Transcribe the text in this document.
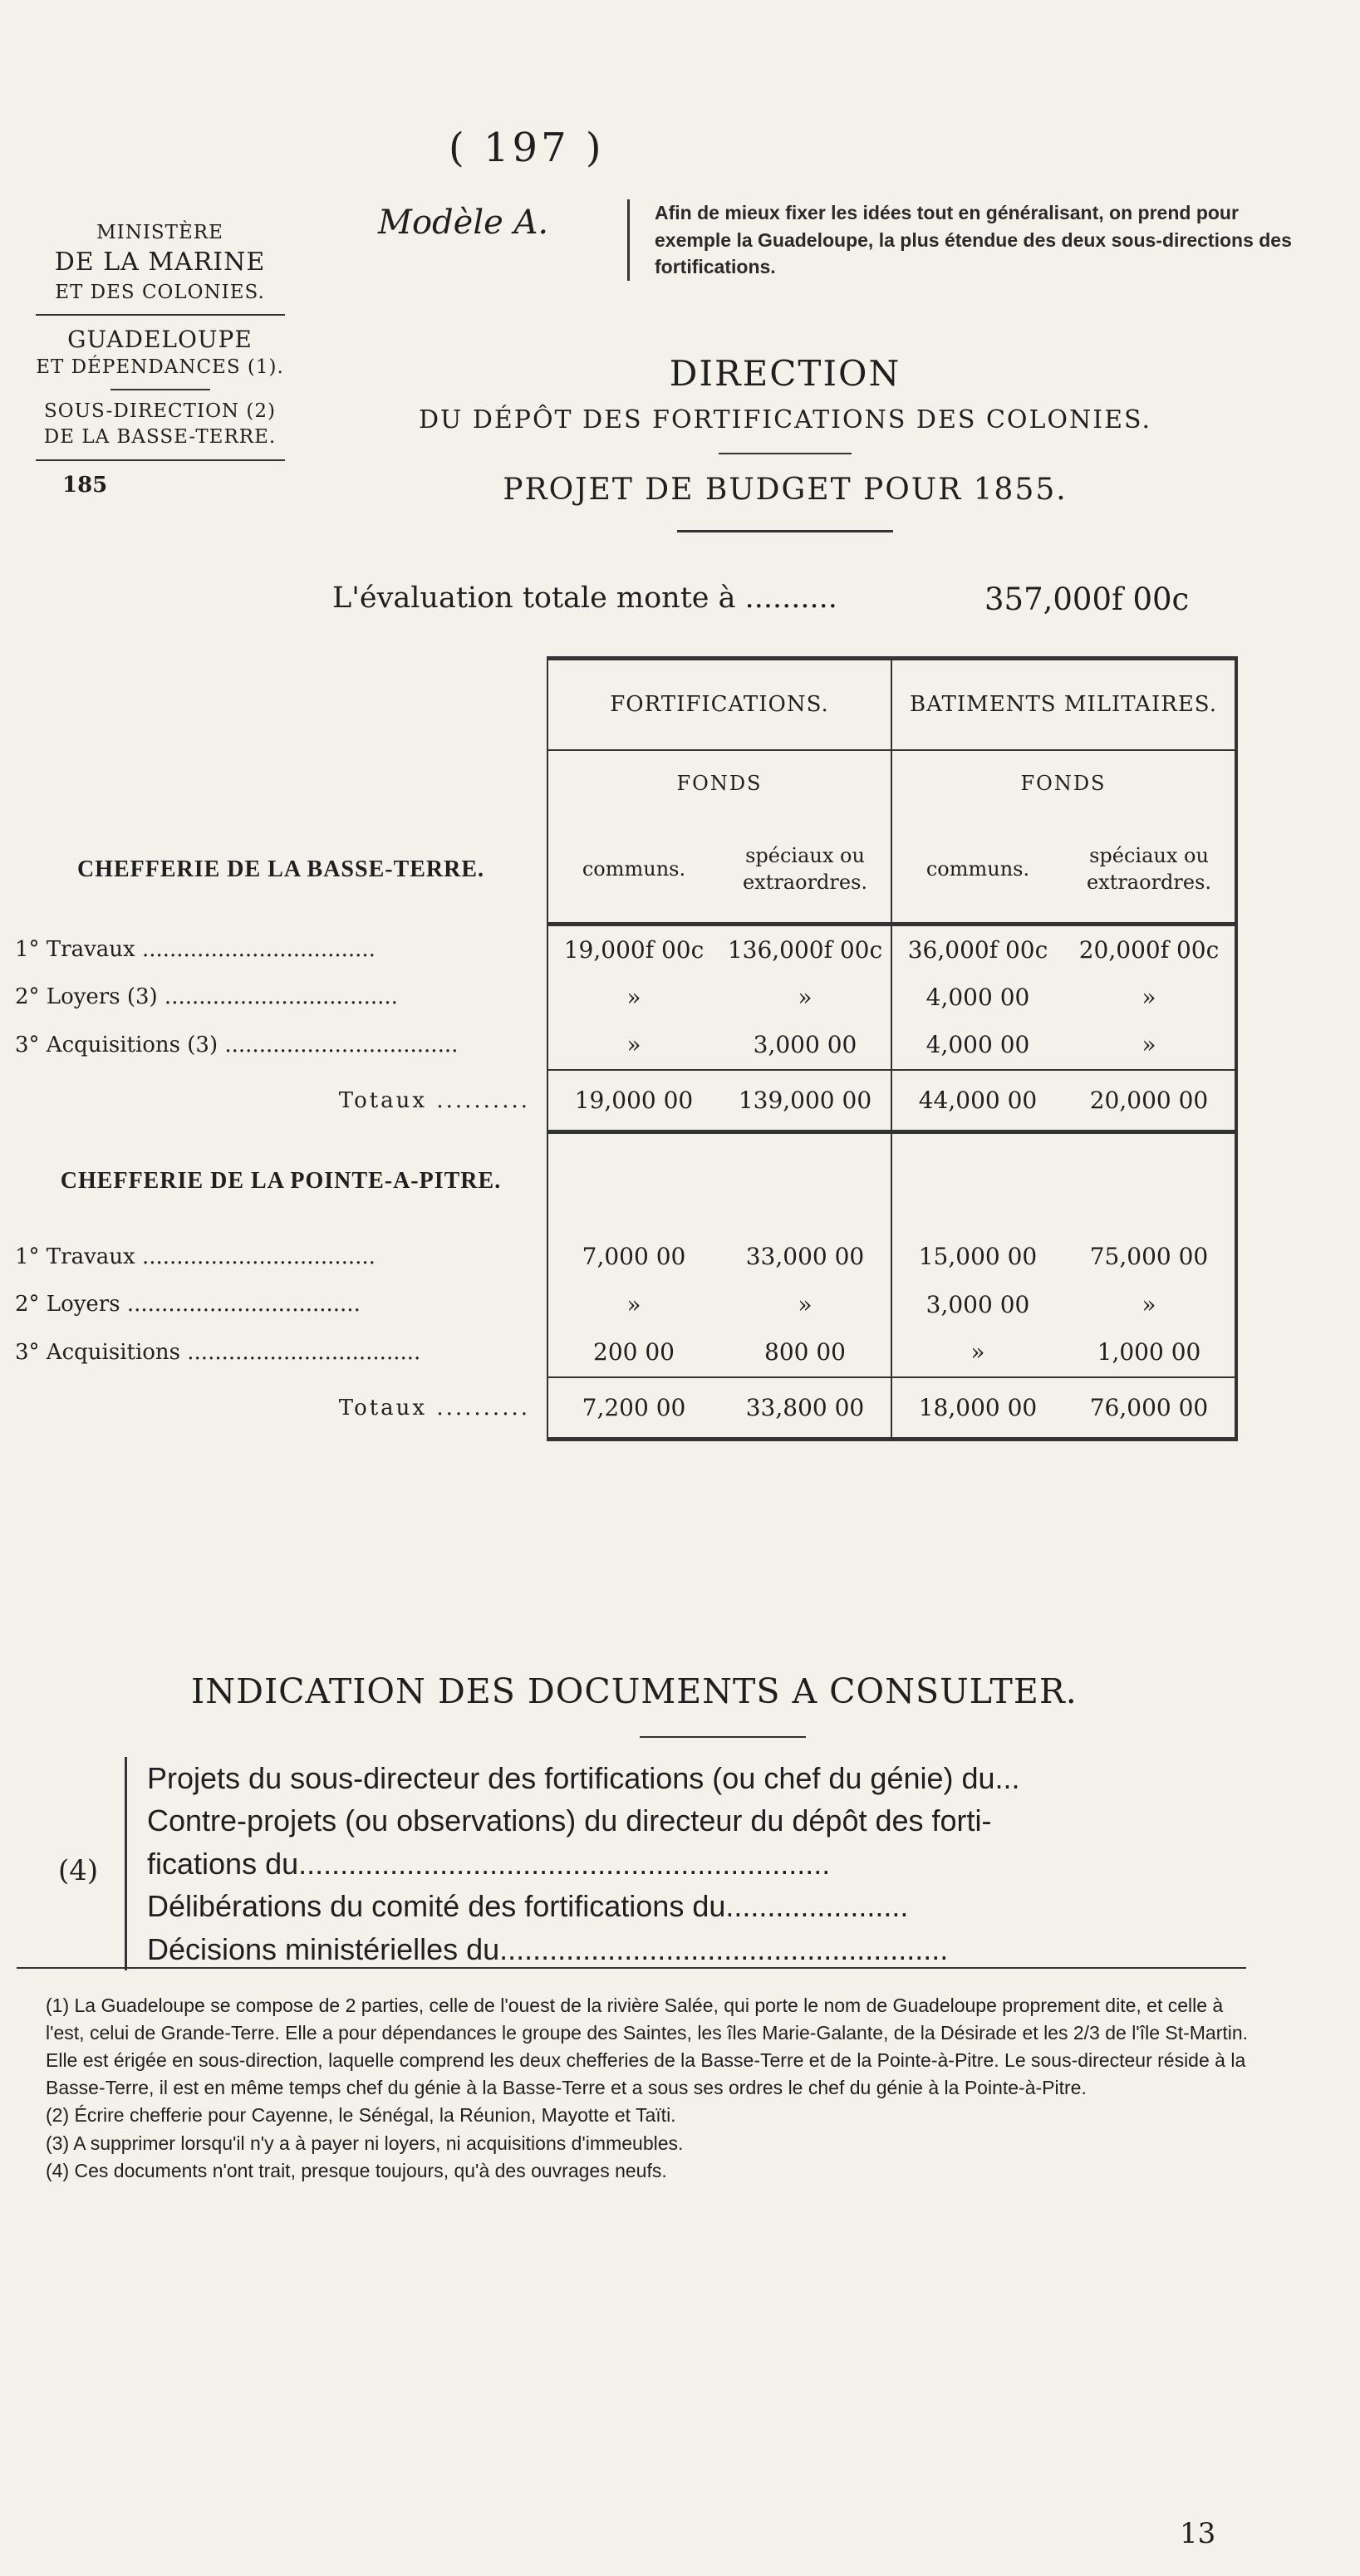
( 197 )
MINISTÈRE
DE LA MARINE
ET DES COLONIES.
GUADELOUPE
ET DÉPENDANCES (1).
SOUS-DIRECTION (2)
DE LA BASSE-TERRE.
185
Modèle A.	Afin de mieux fixer les idées tout en généralisant, on prend pour exemple la Guadeloupe, la plus étendue des deux sous-directions des fortifications.
DIRECTION
DU DÉPÔT DES FORTIFICATIONS DES COLONIES.
PROJET DE BUDGET POUR 1855.
L'évaluation totale monte à ..........	357,000f 00c
	FORTIFICATIONS.		BATIMENTS MILITAIRES.	
	FONDS		FONDS	
CHEFFERIE DE LA BASSE-TERRE.	communs.	spéciaux ou extraordres.	communs.	spéciaux ou extraordres.
1° Travaux ..................................	19,000f 00c	136,000f 00c	36,000f 00c	20,000f 00c
2° Loyers (3) ..................................	»	»	4,000 00	»
3° Acquisitions (3) ..................................	»	3,000 00	4,000 00	»
Totaux ..........	19,000 00	139,000 00	44,000 00	20,000 00
CHEFFERIE DE LA POINTE-A-PITRE.				
1° Travaux ..................................	7,000 00	33,000 00	15,000 00	75,000 00
2° Loyers ..................................	»	»	3,000 00	»
3° Acquisitions ..................................	200 00	800 00	»	1,000 00
Totaux ..........	7,200 00	33,800 00	18,000 00	76,000 00
INDICATION DES DOCUMENTS A CONSULTER.
(4)
Projets du sous-directeur des fortifications (ou chef du génie) du...
Contre-projets (ou observations) du directeur du dépôt des forti-
fications du................................................................
Délibérations du comité des fortifications du......................
Décisions ministérielles du......................................................

(1) La Guadeloupe se compose de 2 parties, celle de l'ouest de la rivière Salée, qui porte le nom de Guadeloupe proprement dite, et celle à l'est, celui de Grande-Terre. Elle a pour dépendances le groupe des Saintes, les îles Marie-Galante, de la Désirade et les 2/3 de l'île St-Martin. Elle est érigée en sous-direction, laquelle comprend les deux chefferies de la Basse-Terre et de la Pointe-à-Pitre. Le sous-directeur réside à la Basse-Terre, il est en même temps chef du génie à la Basse-Terre et a sous ses ordres le chef du génie à la Pointe-à-Pitre.

(2) Écrire chefferie pour Cayenne, le Sénégal, la Réunion, Mayotte et Taïti.

(3) A supprimer lorsqu'il n'y a à payer ni loyers, ni acquisitions d'immeubles.

(4) Ces documents n'ont trait, presque toujours, qu'à des ouvrages neufs.

13
